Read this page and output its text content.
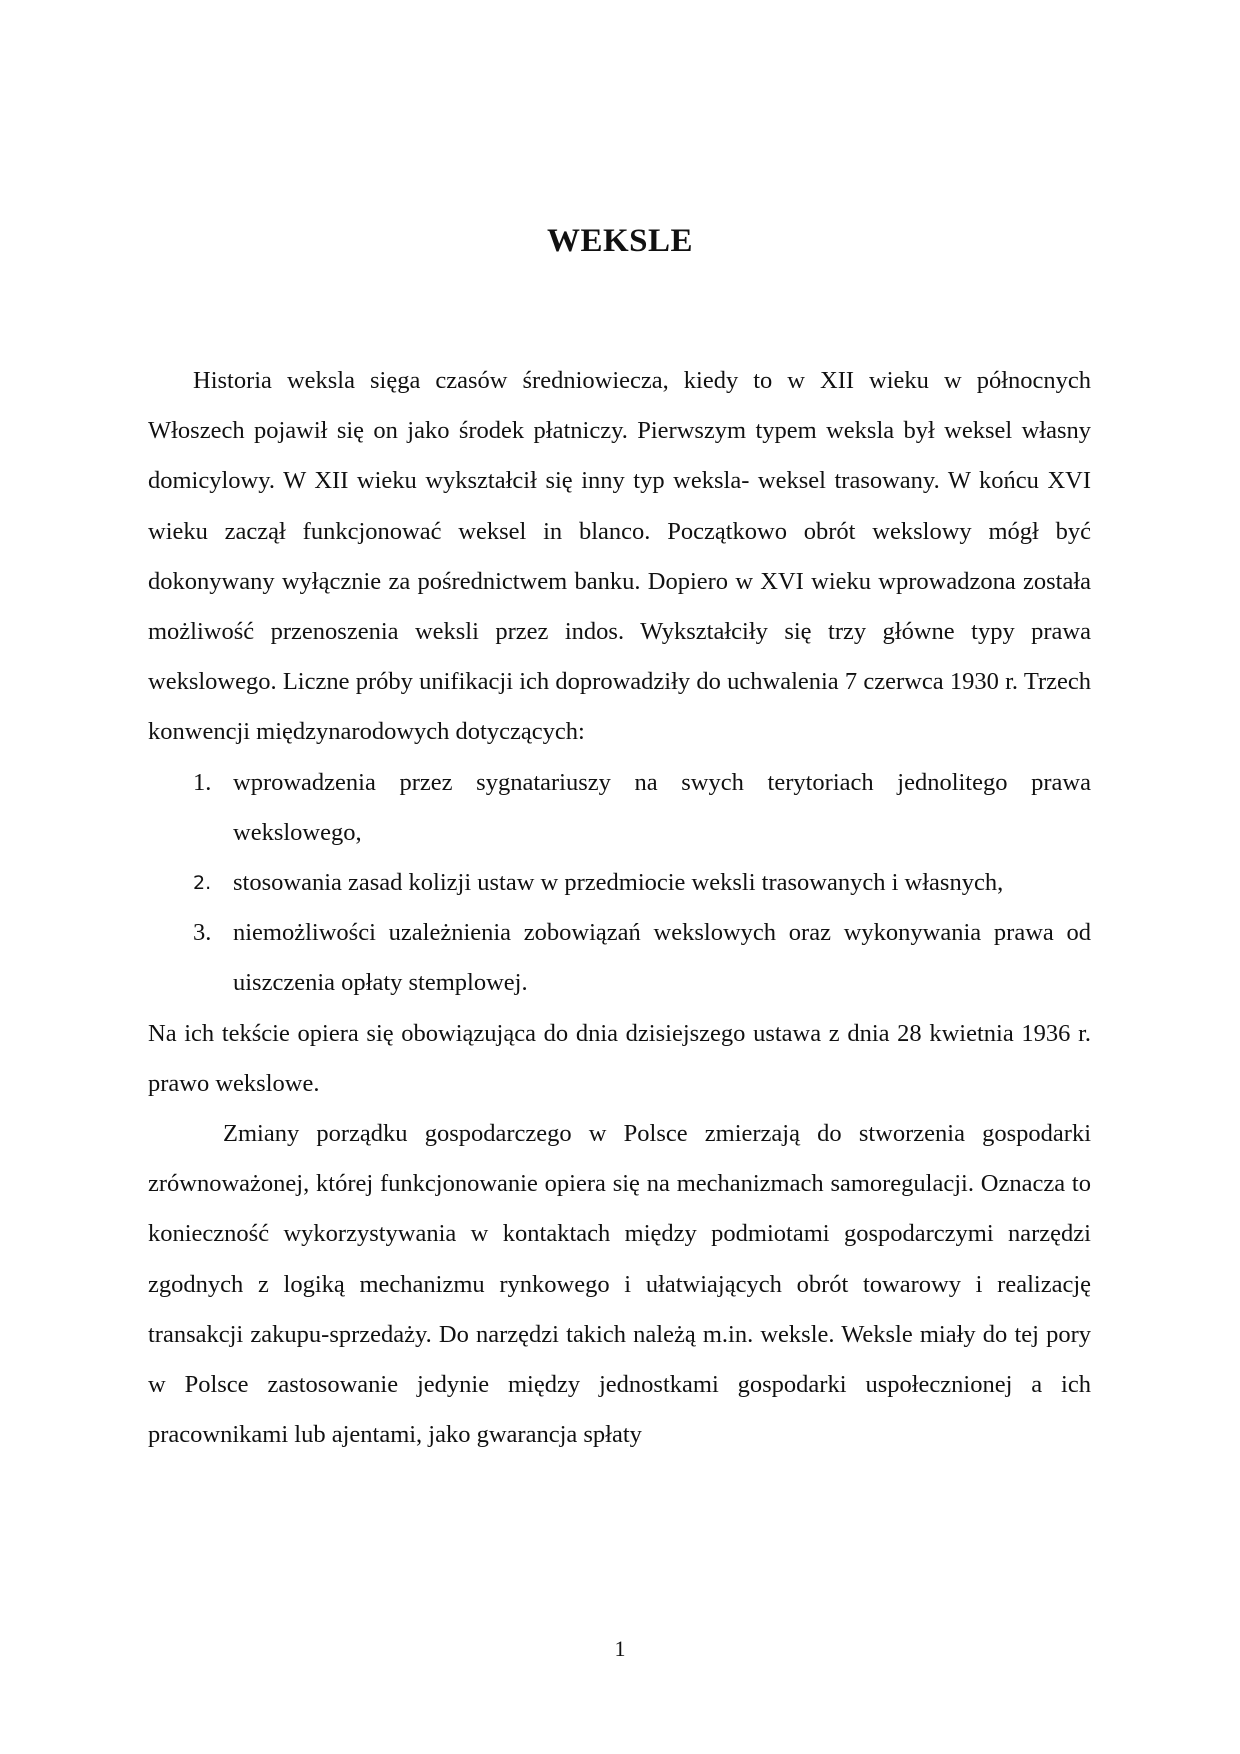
WEKSLE

Historia weksla sięga czasów średniowiecza, kiedy to w XII wieku w północnych Włoszech pojawił się on jako środek płatniczy. Pierwszym typem weksla był weksel własny domicylowy. W XII wieku wykształcił się inny typ weksla- weksel trasowany. W końcu XVI wieku zaczął funkcjonować weksel in blanco. Początkowo obrót wekslowy mógł być dokonywany wyłącznie za pośrednictwem banku. Dopiero w XVI wieku wprowadzona została możliwość przenoszenia weksli przez indos. Wykształciły się trzy główne typy prawa wekslowego. Liczne próby unifikacji ich doprowadziły do uchwalenia 7 czerwca 1930 r. Trzech konwencji międzynarodowych dotyczących:

1. wprowadzenia przez sygnatariuszy na swych terytoriach jednolitego prawa wekslowego,
2. stosowania zasad kolizji ustaw w przedmiocie weksli trasowanych i własnych,
3. niemożliwości uzależnienia zobowiązań wekslowych oraz wykonywania prawa od uiszczenia opłaty stemplowej.

Na ich tekście opiera się obowiązująca do dnia dzisiejszego ustawa z dnia 28 kwietnia 1936 r. prawo wekslowe.

Zmiany porządku gospodarczego w Polsce zmierzają do stworzenia gospodarki zrównoważonej, której funkcjonowanie opiera się na mechanizmach samoregulacji. Oznacza to konieczność wykorzystywania w kontaktach między podmiotami gospodarczymi narzędzi zgodnych z logiką mechanizmu rynkowego i ułatwiających obrót towarowy i realizację transakcji zakupu-sprzedaży. Do narzędzi takich należą m.in. weksle. Weksle miały do tej pory w Polsce zastosowanie jedynie między jednostkami gospodarki uspołecznionej a ich pracownikami lub ajentami, jako gwarancja spłaty

1
